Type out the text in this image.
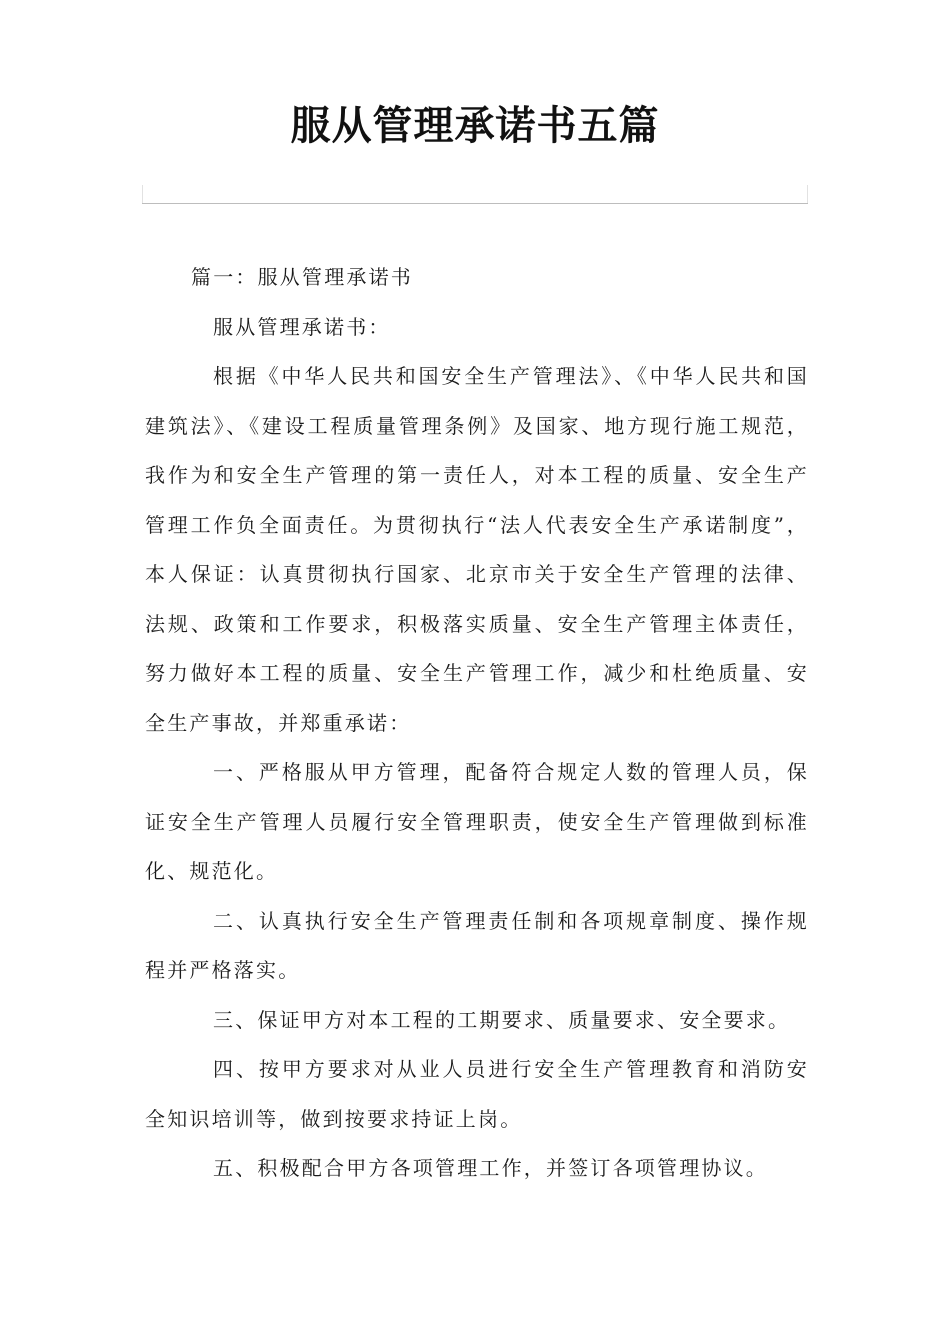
服从管理承诺书五篇

篇一：服从管理承诺书

服从管理承诺书：

根据《中华人民共和国安全生产管理法》、《中华人民共和国建筑法》、《建设工程质量管理条例》及国家、地方现行施工规范，我作为和安全生产管理的第一责任人，对本工程的质量、安全生产管理工作负全面责任。为贯彻执行“法人代表安全生产承诺制度”，本人保证：认真贯彻执行国家、北京市关于安全生产管理的法律、法规、政策和工作要求，积极落实质量、安全生产管理主体责任，努力做好本工程的质量、安全生产管理工作，减少和杜绝质量、安全生产事故，并郑重承诺：

一、严格服从甲方管理，配备符合规定人数的管理人员，保证安全生产管理人员履行安全管理职责，使安全生产管理做到标准化、规范化。

二、认真执行安全生产管理责任制和各项规章制度、操作规程并严格落实。

三、保证甲方对本工程的工期要求、质量要求、安全要求。

四、按甲方要求对从业人员进行安全生产管理教育和消防安全知识培训等，做到按要求持证上岗。

五、积极配合甲方各项管理工作，并签订各项管理协议。
